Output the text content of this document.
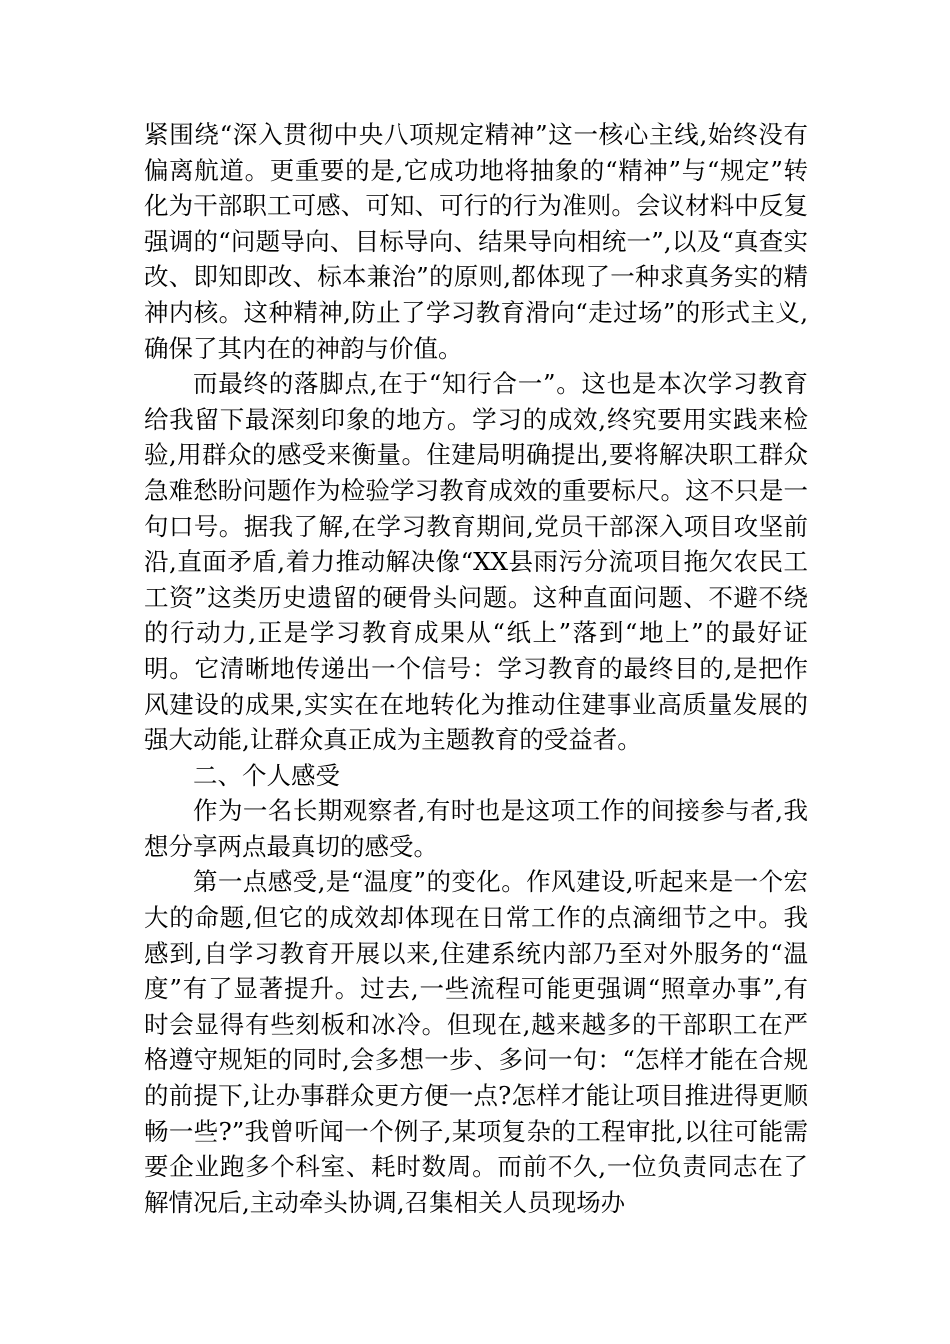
紧围绕“深入贯彻中央八项规定精神”这一核心主线,始终没有偏离航道。更重要的是,它成功地将抽象的“精神”与“规定”转化为干部职工可感、可知、可行的行为准则。会议材料中反复强调的“问题导向、目标导向、结果导向相统一”,以及“真查实改、即知即改、标本兼治”的原则,都体现了一种求真务实的精神内核。这种精神,防止了学习教育滑向“走过场”的形式主义,确保了其内在的神韵与价值。

而最终的落脚点,在于“知行合一”。这也是本次学习教育给我留下最深刻印象的地方。学习的成效,终究要用实践来检验,用群众的感受来衡量。住建局明确提出,要将解决职工群众急难愁盼问题作为检验学习教育成效的重要标尺。这不只是一句口号。据我了解,在学习教育期间,党员干部深入项目攻坚前沿,直面矛盾,着力推动解决像“XX县雨污分流项目拖欠农民工工资”这类历史遗留的硬骨头问题。这种直面问题、不避不绕的行动力,正是学习教育成果从“纸上”落到“地上”的最好证明。它清晰地传递出一个信号：学习教育的最终目的,是把作风建设的成果,实实在在地转化为推动住建事业高质量发展的强大动能,让群众真正成为主题教育的受益者。

二、个人感受

作为一名长期观察者,有时也是这项工作的间接参与者,我想分享两点最真切的感受。

第一点感受,是“温度”的变化。作风建设,听起来是一个宏大的命题,但它的成效却体现在日常工作的点滴细节之中。我感到,自学习教育开展以来,住建系统内部乃至对外服务的“温度”有了显著提升。过去,一些流程可能更强调“照章办事”,有时会显得有些刻板和冰冷。但现在,越来越多的干部职工在严格遵守规矩的同时,会多想一步、多问一句：“怎样才能在合规的前提下,让办事群众更方便一点?怎样才能让项目推进得更顺畅一些?”我曾听闻一个例子,某项复杂的工程审批,以往可能需要企业跑多个科室、耗时数周。而前不久,一位负责同志在了解情况后,主动牵头协调,召集相关人员现场办
